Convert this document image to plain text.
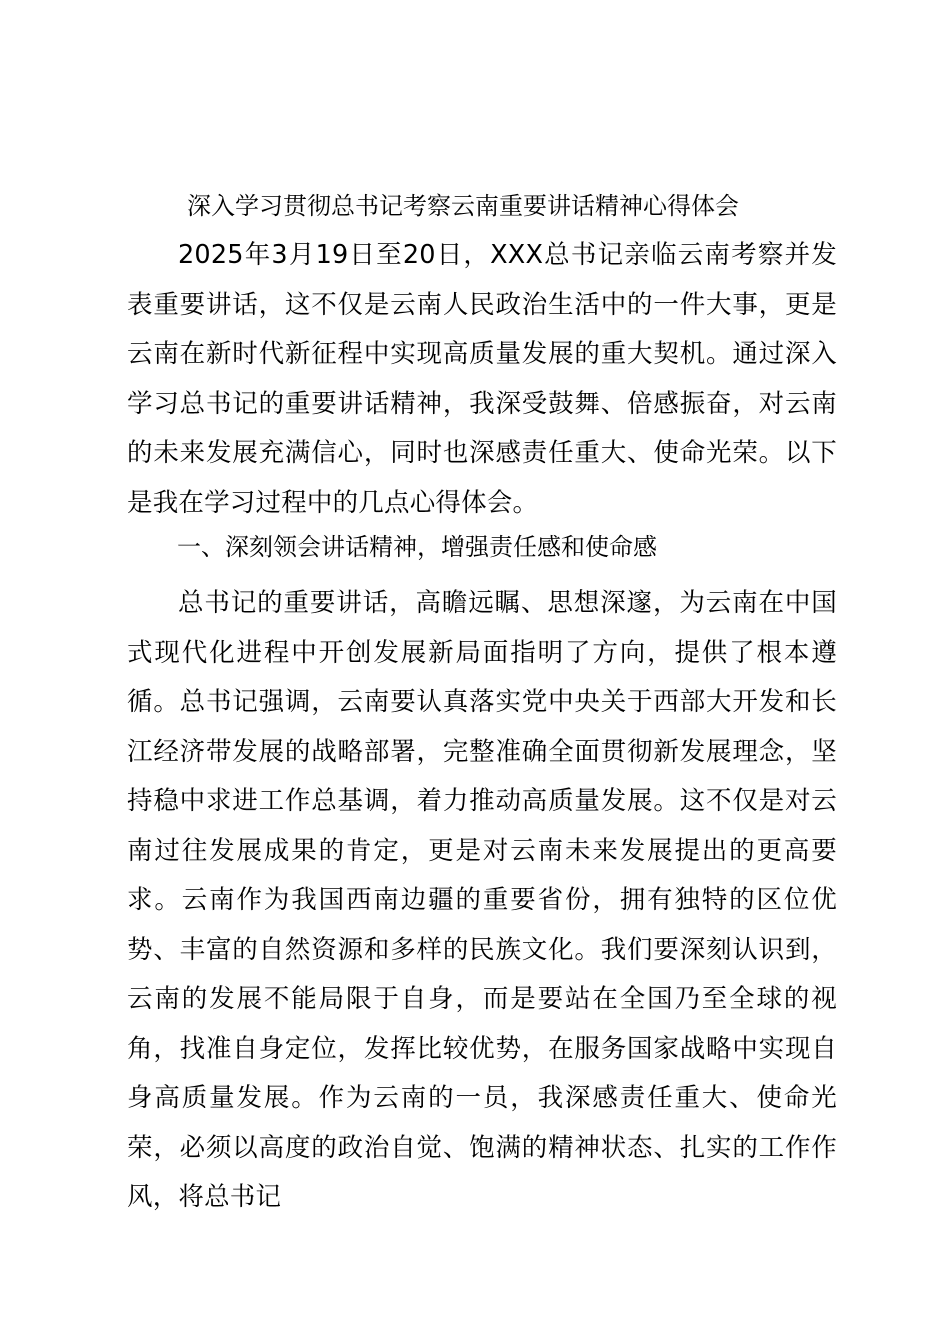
深入学习贯彻总书记考察云南重要讲话精神心得体会
2025年3月19日至20日，XXX总书记亲临云南考察并发表重要讲话，这不仅是云南人民政治生活中的一件大事，更是云南在新时代新征程中实现高质量发展的重大契机。通过深入学习总书记的重要讲话精神，我深受鼓舞、倍感振奋，对云南的未来发展充满信心，同时也深感责任重大、使命光荣。以下是我在学习过程中的几点心得体会。
一、深刻领会讲话精神，增强责任感和使命感
总书记的重要讲话，高瞻远瞩、思想深邃，为云南在中国式现代化进程中开创发展新局面指明了方向，提供了根本遵循。总书记强调，云南要认真落实党中央关于西部大开发和长江经济带发展的战略部署，完整准确全面贯彻新发展理念，坚持稳中求进工作总基调，着力推动高质量发展。这不仅是对云南过往发展成果的肯定，更是对云南未来发展提出的更高要求。云南作为我国西南边疆的重要省份，拥有独特的区位优势、丰富的自然资源和多样的民族文化。我们要深刻认识到，云南的发展不能局限于自身，而是要站在全国乃至全球的视角，找准自身定位，发挥比较优势，在服务国家战略中实现自身高质量发展。作为云南的一员，我深感责任重大、使命光荣，必须以高度的政治自觉、饱满的精神状态、扎实的工作作风，将总书记
